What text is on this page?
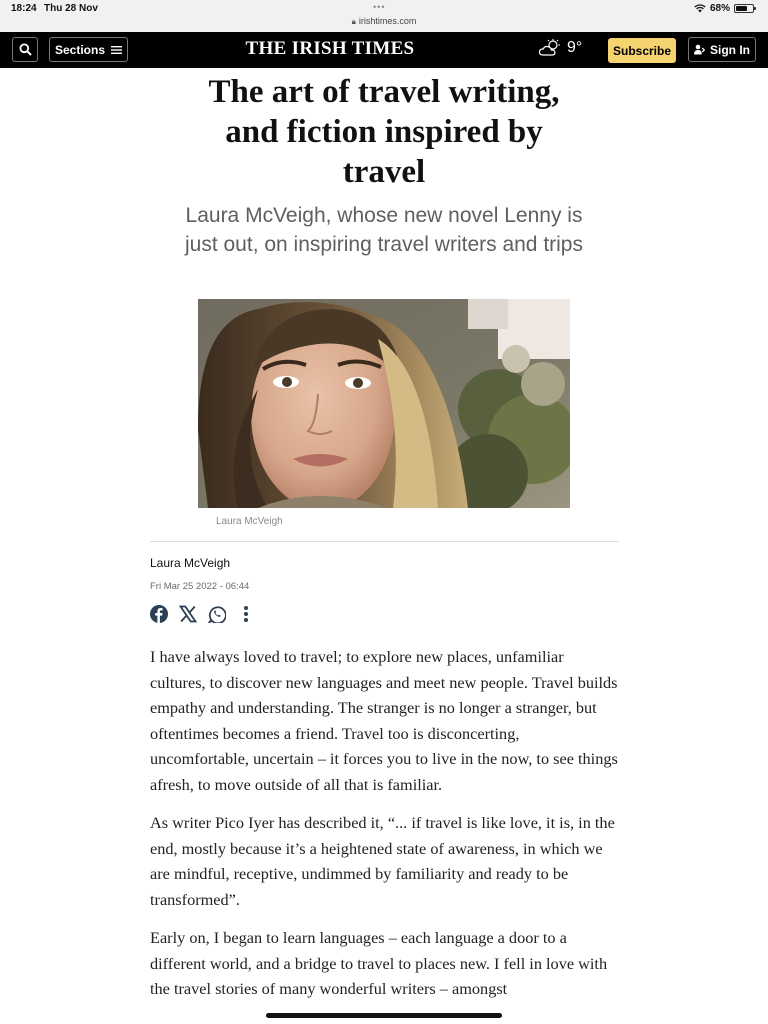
18:24 Thu 28 Nov	•••
🔒︎ irishtimes.com
68%
Sections	THE IRISH TIMES	9°	Subscribe	Sign In
The art of travel writing, and fiction inspired by travel

Laura McVeigh, whose new novel Lenny is just out, on inspiring travel writers and trips

Laura McVeigh
Laura McVeigh
Fri Mar 25 2022 - 06:44

I have always loved to travel; to explore new places, unfamiliar cultures, to discover new languages and meet new people. Travel builds empathy and understanding. The stranger is no longer a stranger, but oftentimes becomes a friend. Travel too is disconcerting, uncomfortable, uncertain – it forces you to live in the now, to see things afresh, to move outside of all that is familiar.

As writer Pico Iyer has described it, “... if travel is like love, it is, in the end, mostly because it’s a heightened state of awareness, in which we are mindful, receptive, undimmed by familiarity and ready to be transformed”.

Early on, I began to learn languages – each language a door to a different world, and a bridge to travel to places new. I fell in love with the travel stories of many wonderful writers – amongst
